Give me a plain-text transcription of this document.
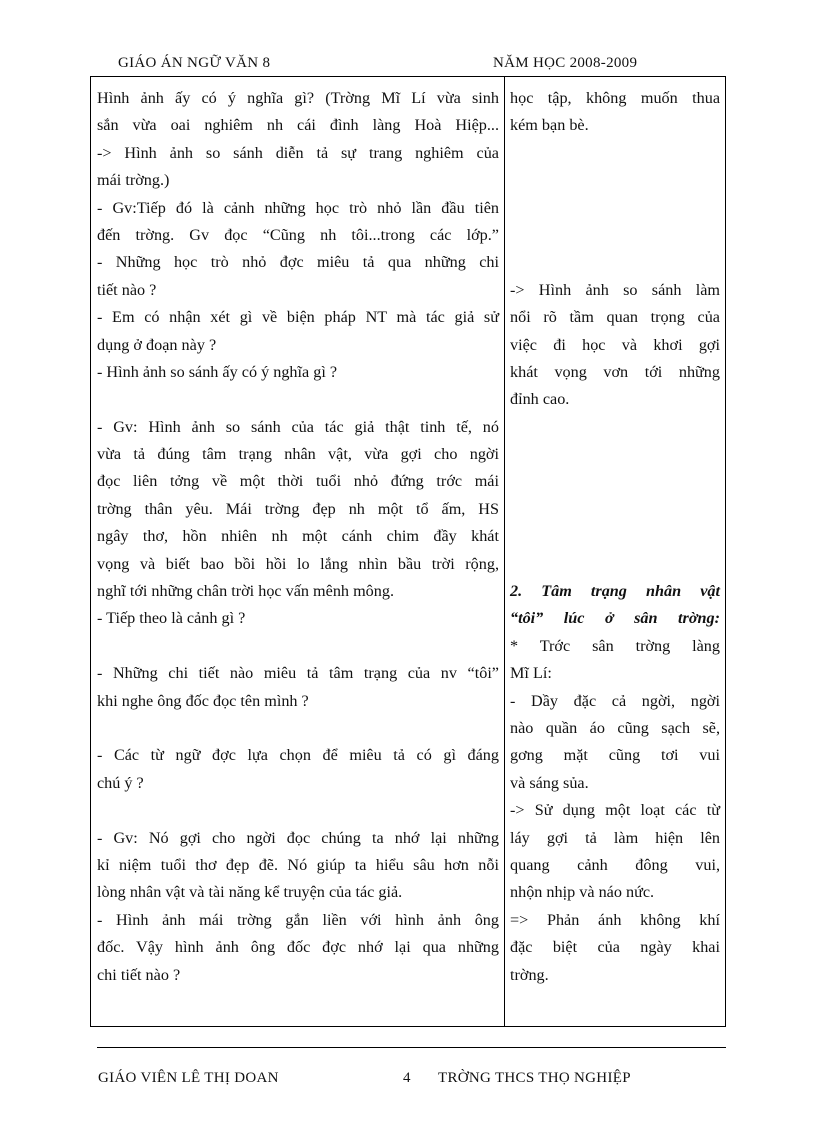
GIÁO ÁN NGỮ VĂN 8	NĂM HỌC 2008-2009
Hình ảnh ấy có ý nghĩa gì? (Trờng Mĩ Lí vừa sinh
sắn vừa oai nghiêm nh cái đình làng Hoà Hiệp...
-> Hình ảnh so sánh diễn tả sự trang nghiêm của
mái trờng.)
- Gv:Tiếp đó là cảnh những học trò nhỏ lần đầu tiên
đến trờng. Gv đọc “Cũng nh tôi...trong các lớp.”
- Những học trò nhỏ đợc miêu tả qua những chi
tiết nào ?
- Em có nhận xét gì về biện pháp NT mà tác giả sử
dụng ở đoạn này ?
- Hình ảnh so sánh ấy có ý nghĩa gì ?
- Gv: Hình ảnh so sánh của tác giả thật tinh tế, nó
vừa tả đúng tâm trạng nhân vật, vừa gợi cho ngời
đọc liên tởng về một thời tuổi nhỏ đứng trớc mái
trờng thân yêu. Mái trờng đẹp nh một tổ ấm, HS
ngây thơ, hồn nhiên nh một cánh chim đầy khát
vọng và biết bao bồi hồi lo lắng nhìn bầu trời rộng,
nghĩ tới những chân trời học vấn mênh mông.
- Tiếp theo là cảnh gì ?
- Những chi tiết nào miêu tả tâm trạng của nv “tôi”
khi nghe ông đốc đọc tên mình ?
- Các từ ngữ đợc lựa chọn để miêu tả có gì đáng
chú ý ?
- Gv: Nó gợi cho ngời đọc chúng ta nhớ lại những
kỉ niệm tuổi thơ đẹp đẽ. Nó giúp ta hiểu sâu hơn nỗi
lòng nhân vật và tài năng kể truyện của tác giả.
- Hình ảnh mái trờng gắn liền với hình ảnh ông
đốc. Vậy hình ảnh ông đốc đợc nhớ lại qua những
chi tiết nào ?
học tập, không muốn thua
kém bạn bè.
-> Hình ảnh so sánh làm
nổi rõ tầm quan trọng của
việc đi học và khơi gợi
khát vọng vơn tới những
đỉnh cao.
2. Tâm trạng nhân vật
“tôi” lúc ở sân trờng:
* Trớc sân trờng làng
Mĩ Lí:
- Dầy đặc cả ngời, ngời
nào quần áo cũng sạch sẽ,
gơng mặt cũng tơi vui
và sáng sủa.
-> Sử dụng một loạt các từ
láy gợi tả làm hiện lên
quang cảnh đông vui,
nhộn nhịp và náo nức.
=> Phản ánh không khí
đặc biệt của ngày khai
trờng.
GIÁO VIÊN LÊ THỊ DOAN	4 TRỜNG THCS THỌ NGHIỆP
